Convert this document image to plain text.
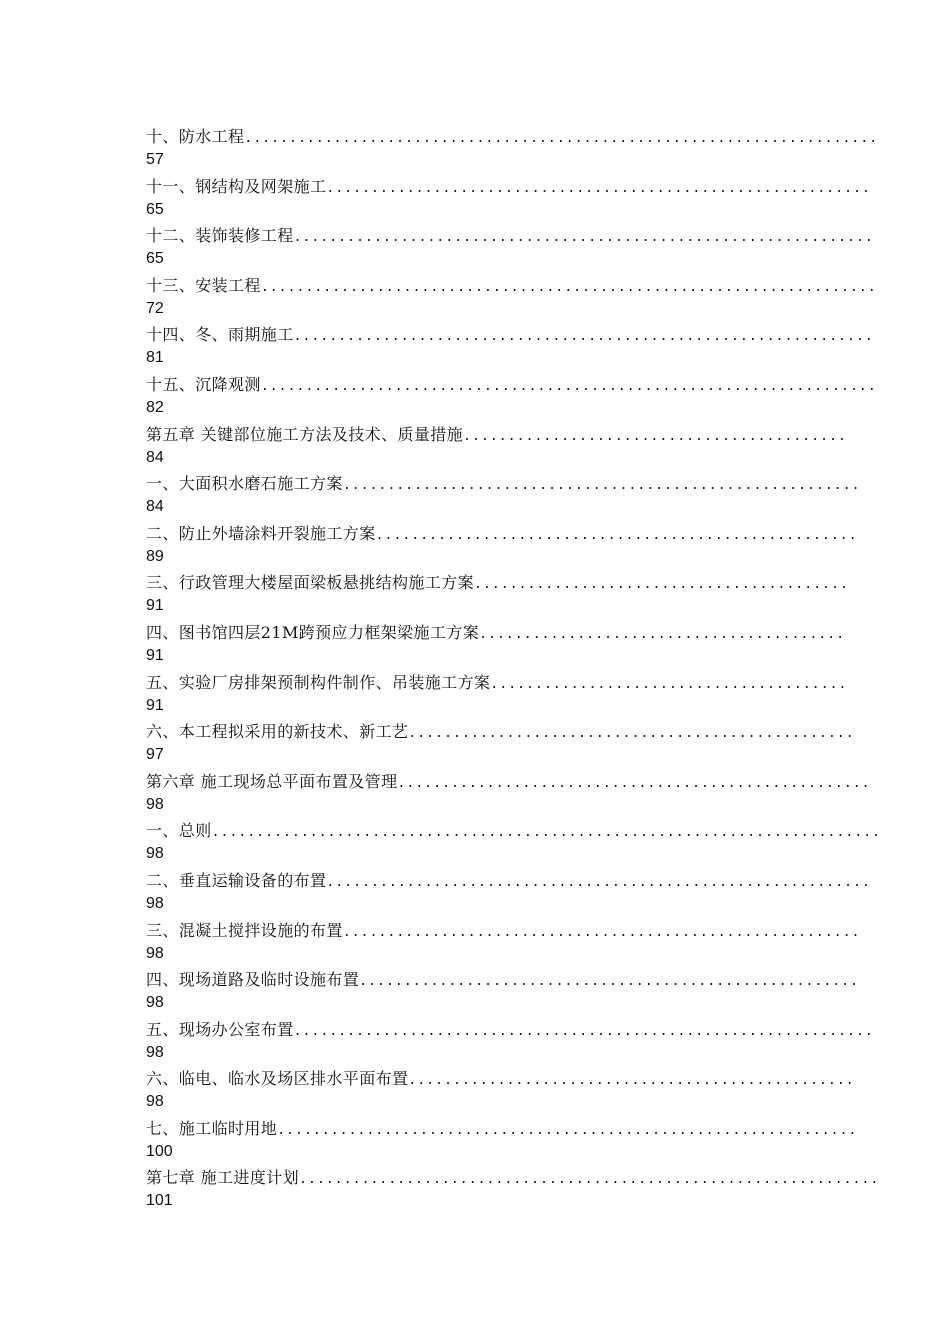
十、防水工程 .......................................................................
57
十一、钢结构及网架施工 .............................................................
65
十二、装饰装修工程 .................................................................
65
十三、安装工程 .....................................................................
72
十四、冬、雨期施工 .................................................................
81
十五、沉降观测 .....................................................................
82
第五章 关键部位施工方法及技术、质量措施 ...........................................
84
一、大面积水磨石施工方案 ..........................................................
84
二、防止外墙涂料开裂施工方案 ......................................................
89
三、行政管理大楼屋面梁板悬挑结构施工方案 ..........................................
91
四、图书馆四层21M跨预应力框架梁施工方案 .........................................
91
五、实验厂房排架预制构件制作、吊装施工方案 ........................................
91
六、本工程拟采用的新技术、新工艺 ..................................................
97
第六章 施工现场总平面布置及管理 .....................................................
98
一、总则 ...........................................................................
98
二、垂直运输设备的布置 .............................................................
98
三、混凝土搅拌设施的布置 ..........................................................
98
四、现场道路及临时设施布置 ........................................................
98
五、现场办公室布置 .................................................................
98
六、临电、临水及场区排水平面布置 ..................................................
98
七、施工临时用地 .................................................................
100
第七章 施工进度计划 .................................................................
101
